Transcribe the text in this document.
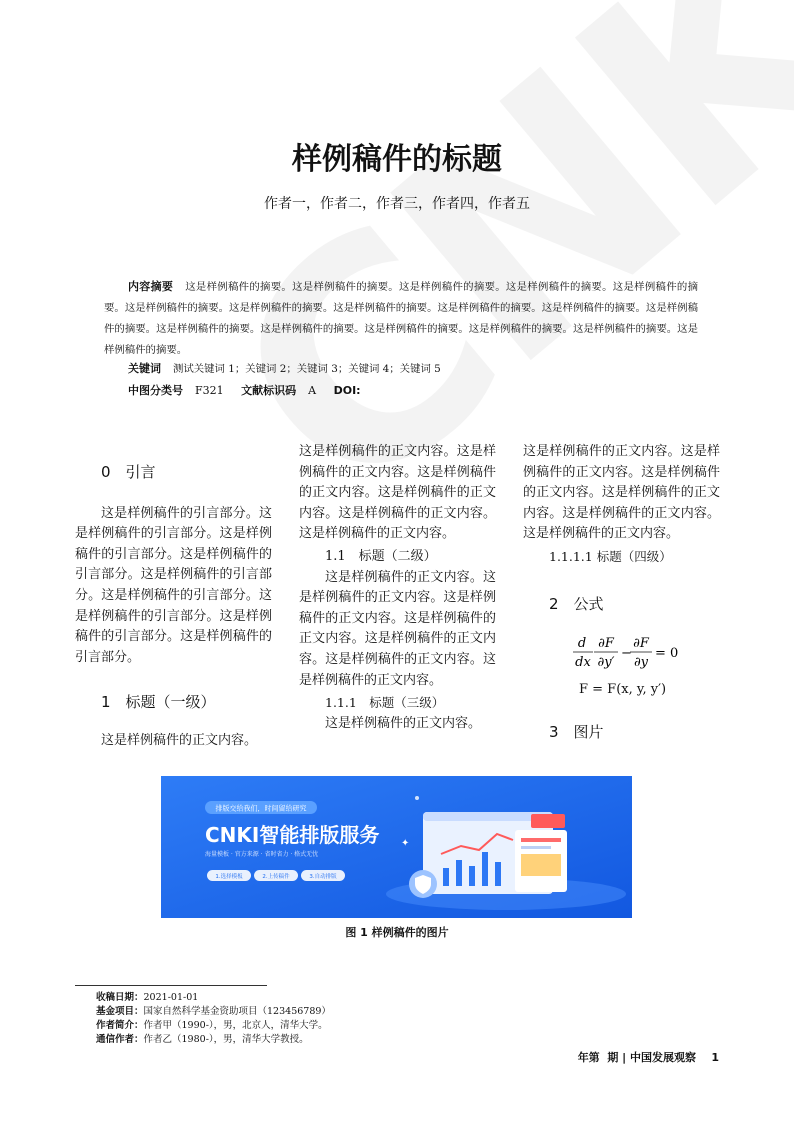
样例稿件的标题
作者一，作者二，作者三，作者四，作者五
内容摘要 这是样例稿件的摘要。这是样例稿件的摘要。这是样例稿件的摘要。这是样例稿件的摘要。这是样例稿件的摘要。这是样例稿件的摘要。这是样例稿件的摘要。这是样例稿件的摘要。这是样例稿件的摘要。这是样例稿件的摘要。这是样例稿件的摘要。这是样例稿件的摘要。这是样例稿件的摘要。这是样例稿件的摘要。这是样例稿件的摘要。这是样例稿件的摘要。这是样例稿件的摘要。
关键词 测试关键词 1；关键词 2；关键词 3；关键词 4；关键词 5
中图分类号 F321 文献标识码 A DOI:

0　引言

这是样例稿件的引言部分。这是样例稿件的引言部分。这是样例稿件的引言部分。这是样例稿件的引言部分。这是样例稿件的引言部分。这是样例稿件的引言部分。这是样例稿件的引言部分。这是样例稿件的引言部分。这是样例稿件的引言部分。

1　标题（一级）

这是样例稿件的正文内容。

这是样例稿件的正文内容。这是样例稿件的正文内容。这是样例稿件的正文内容。这是样例稿件的正文内容。这是样例稿件的正文内容。这是样例稿件的正文内容。

1.1　标题（二级）

这是样例稿件的正文内容。这是样例稿件的正文内容。这是样例稿件的正文内容。这是样例稿件的正文内容。这是样例稿件的正文内容。这是样例稿件的正文内容。这是样例稿件的正文内容。

1.1.1　标题（三级）

这是样例稿件的正文内容。

这是样例稿件的正文内容。这是样例稿件的正文内容。这是样例稿件的正文内容。这是样例稿件的正文内容。这是样例稿件的正文内容。这是样例稿件的正文内容。

1.1.1.1 标题（四级）

2　公式

d
dx
∂F
∂y′
−
∂F
∂y
= 0
F = F(x, y, y′)

3　图片

排版交给我们，时间留给研究
CNKI智能排版服务
海量模板 · 官方来源 · 省时省力 · 格式无忧
1.选择模板	2.上传稿件	3.自动排版
✦
图 1 样例稿件的图片
收稿日期：2021-01-01
基金项目：国家自然科学基金资助项目（123456789）
作者简介：作者甲（1990-），男，北京人，清华大学。
通信作者：作者乙（1980-），男，清华大学教授。
年第  期 | 中国发展观察    1
